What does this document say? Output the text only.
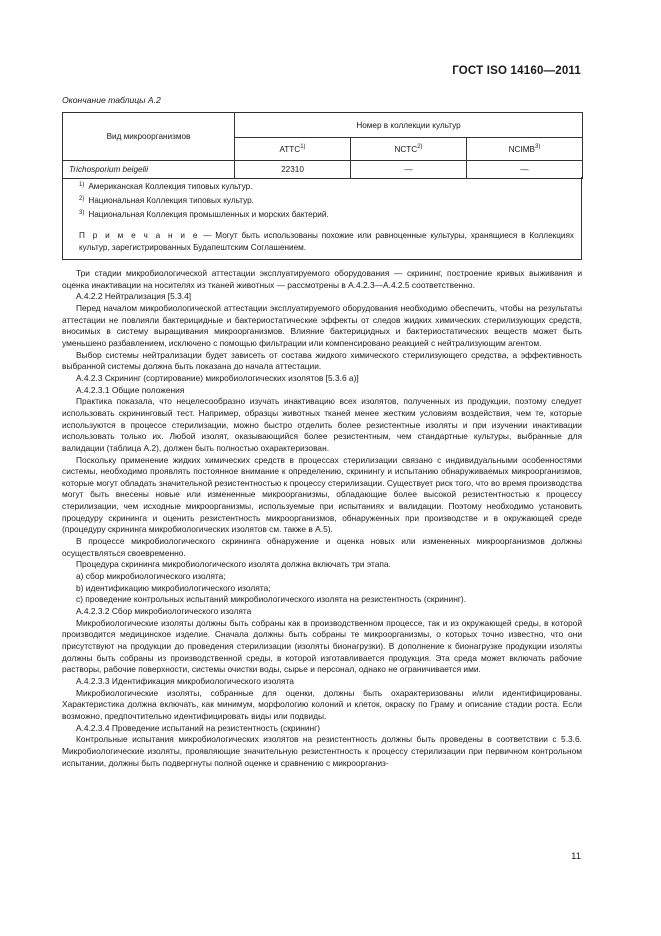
ГОСТ ISO 14160—2011
Окончание таблицы А.2
Вид микроорганизмов	Номер в коллекции культур		
	ATTC$^{1)}$	NCTC$^{2)}$	NCIMB$^{3)}$
Trichosporium beigelii	22310	—	—
$^{1)}$ Американская Коллекция типовых культур.
$^{2)}$ Национальная Коллекция типовых культур.
$^{3)}$ Национальная Коллекция промышленных и морских бактерий.
П р и м е ч а н и е — Могут быть использованы похожие или равноценные культуры, хранящиеся в Коллекциях культур, зарегистрированных Будапештским Соглашением.

Три стадии микробиологической аттестации эксплуатируемого оборудования — скрининг, построение кривых выживания и оценка инактивации на носителях из тканей животных — рассмотрены в А.4.2.3—А.4.2.5 соответственно.

А.4.2.2 Нейтрализация [5.3.4]

Перед началом микробиологической аттестации эксплуатируемого оборудования необходимо обеспечить, чтобы на результаты аттестации не повлияли бактерицидные и бактериостатические эффекты от следов жидких химических стерилизующих средств, вносимых в систему выращивания микроорганизмов. Влияние бактерицидных и бактериостатических веществ может быть уменьшено разбавлением, исключено с помощью фильтрации или компенсировано реакцией с нейтрализующим агентом.

Выбор системы нейтрализации будет зависеть от состава жидкого химического стерилизующего средства, а эффективность выбранной системы должна быть показана до начала аттестации.

А.4.2.3 Скрининг (сортирование) микробиологических изолятов [5.3.6 а)]

А.4.2.3.1 Общие положения

Практика показала, что нецелесообразно изучать инактивацию всех изолятов, полученных из продукции, поэтому следует использовать скрининговый тест. Например, образцы животных тканей менее жестким условиям воздействия, чем те, которые используются в процессе стерилизации, можно быстро отделить более резистентные изоляты и при изучении инактивации использовать только их. Любой изолят, оказывающийся более резистентным, чем стандартные культуры, выбранные для валидации (таблица А.2), должен быть полностью охарактеризован.

Поскольку применение жидких химических средств в процессах стерилизации связано с индивидуальными особенностями системы, необходимо проявлять постоянное внимание к определению, скринингу и испытанию обнаруживаемых микроорганизмов, которые могут обладать значительной резистентностью к процессу стерилизации. Существует риск того, что во время производства могут быть внесены новые или измененные микроорганизмы, обладающие более высокой резистентностью к процессу стерилизации, чем исходные микроорганизмы, используемые при испытаниях и валидации. Поэтому необходимо установить процедуру скрининга и оценить резистентность микроорганизмов, обнаруженных при производстве и в окружающей среде (процедуру скрининга микробиологических изолятов см. также в А.5).

В процессе микробиологического скрининга обнаружение и оценка новых или измененных микроорганизмов должны осуществляться своевременно.

Процедура скрининга микробиологического изолята должна включать три этапа.

a) сбор микробиологического изолята;

b) идентификацию микробиологического изолята;

c) проведение контрольных испытаний микробиологического изолята на резистентность (скрининг).

А.4.2.3.2 Сбор микробиологического изолята

Микробиологические изоляты должны быть собраны как в производственном процессе, так и из окружающей среды, в которой производится медицинское изделие. Сначала должны быть собраны те микроорганизмы, о которых точно известно, что они присутствуют на продукции до проведения стерилизации (изоляты бионагрузки). В дополнение к бионагрузке продукции изоляты должны быть собраны из производственной среды, в которой изготавливается продукция. Эта среда может включать рабочие растворы, рабочие поверхности, системы очистки воды, сырье и персонал, однако не ограничивается ими.

А.4.2.3.3 Идентификация микробиологического изолята

Микробиологические изоляты, собранные для оценки, должны быть охарактеризованы и/или идентифицированы. Характеристика должна включать, как минимум, морфологию колоний и клеток, окраску по Граму и описание стадии роста. Если возможно, предпочтительно идентифицировать виды или подвиды.

А.4.2.3.4 Проведение испытаний на резистентность (скрининг)

Контрольные испытания микробиологических изолятов на резистентность должны быть проведены в соответствии с 5.3.6. Микробиологические изоляты, проявляющие значительную резистентность к процессу стерилизации при первичном контрольном испытании, должны быть подвергнуты полной оценке и сравнению с микроорганиз-

11
